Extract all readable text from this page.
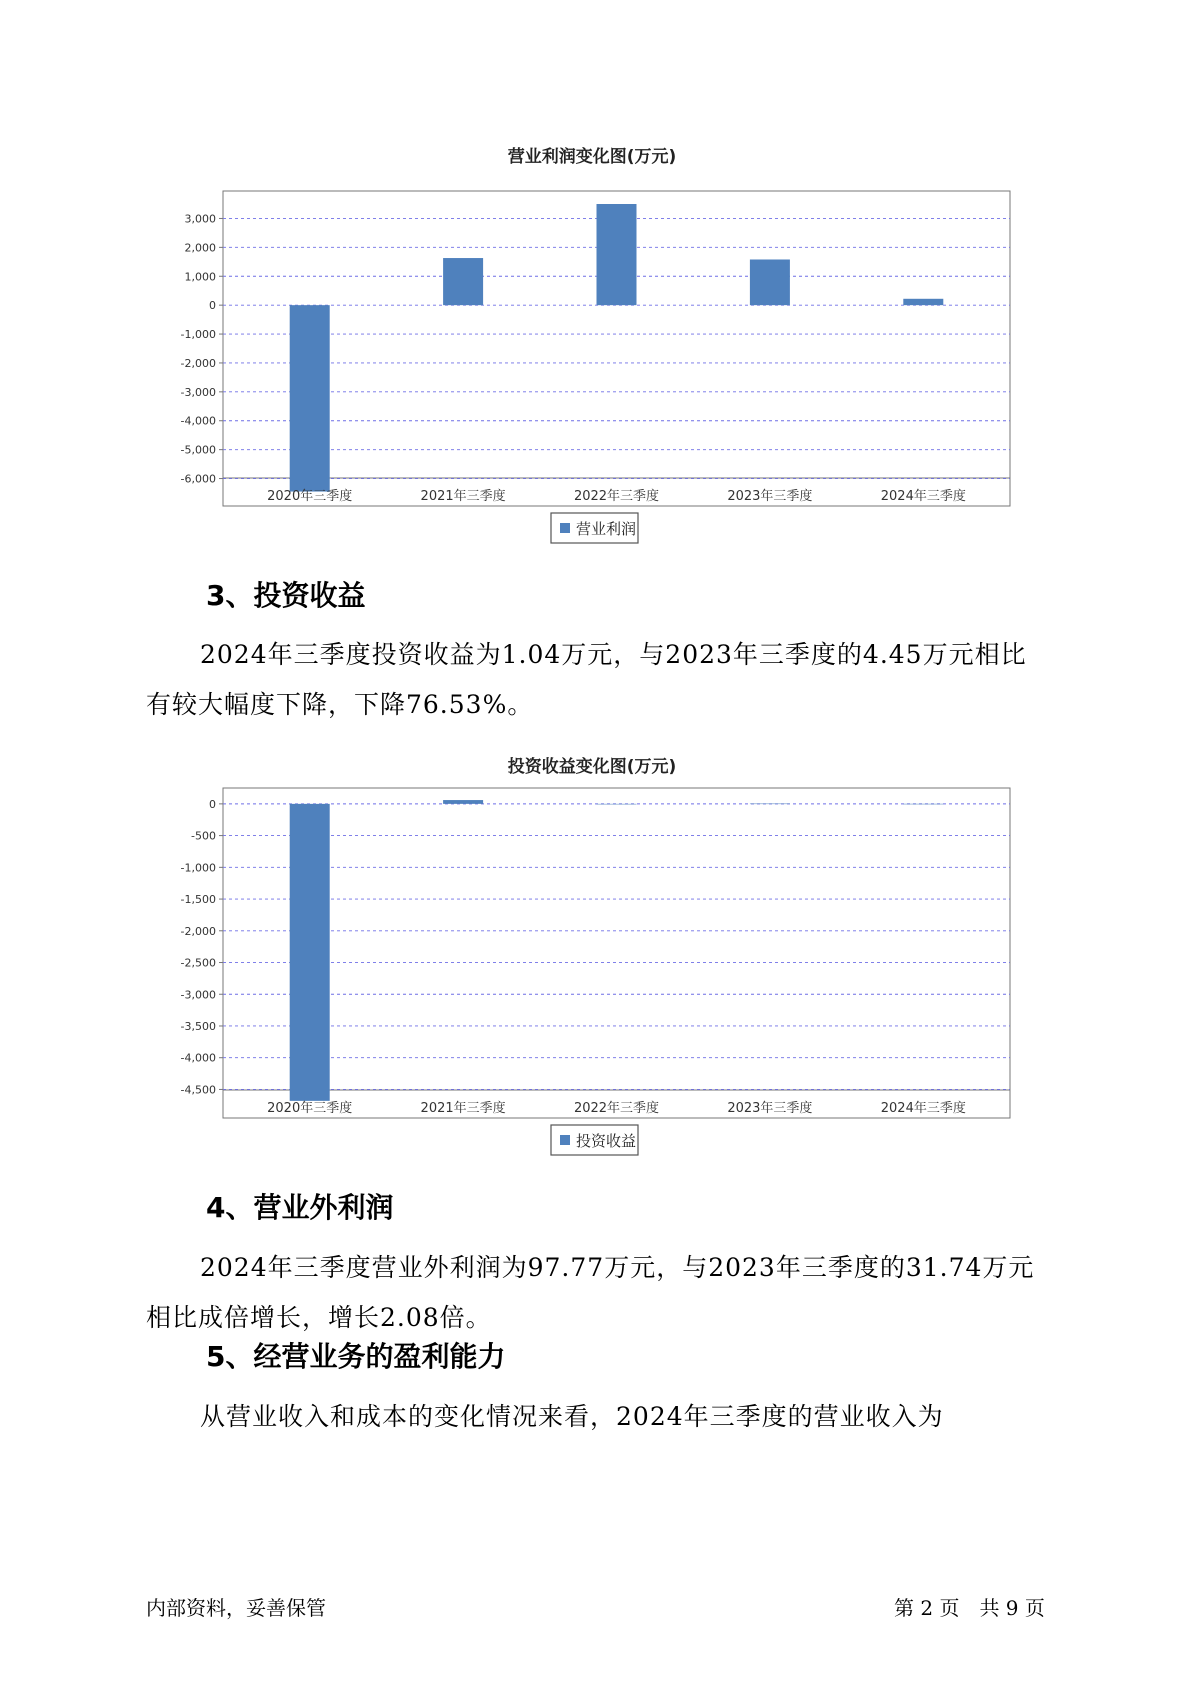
营业利润变化图(万元)
3,000
2,000
1,000
0
-1,000
-2,000
-3,000
-4,000
-5,000
-6,000
2020年三季度	2021年三季度	2022年三季度	2023年三季度	2024年三季度
营业利润
3、投资收益
2024年三季度投资收益为1.04万元，与2023年三季度的4.45万元相比
有较大幅度下降，下降76.53%。
投资收益变化图(万元)
0
-500
-1,000
-1,500
-2,000
-2,500
-3,000
-3,500
-4,000
-4,500
2020年三季度	2021年三季度	2022年三季度	2023年三季度	2024年三季度
投资收益
4、营业外利润
2024年三季度营业外利润为97.77万元，与2023年三季度的31.74万元
相比成倍增长，增长2.08倍。
5、经营业务的盈利能力
从营业收入和成本的变化情况来看，2024年三季度的营业收入为
内部资料，妥善保管	第 2 页　共 9 页
